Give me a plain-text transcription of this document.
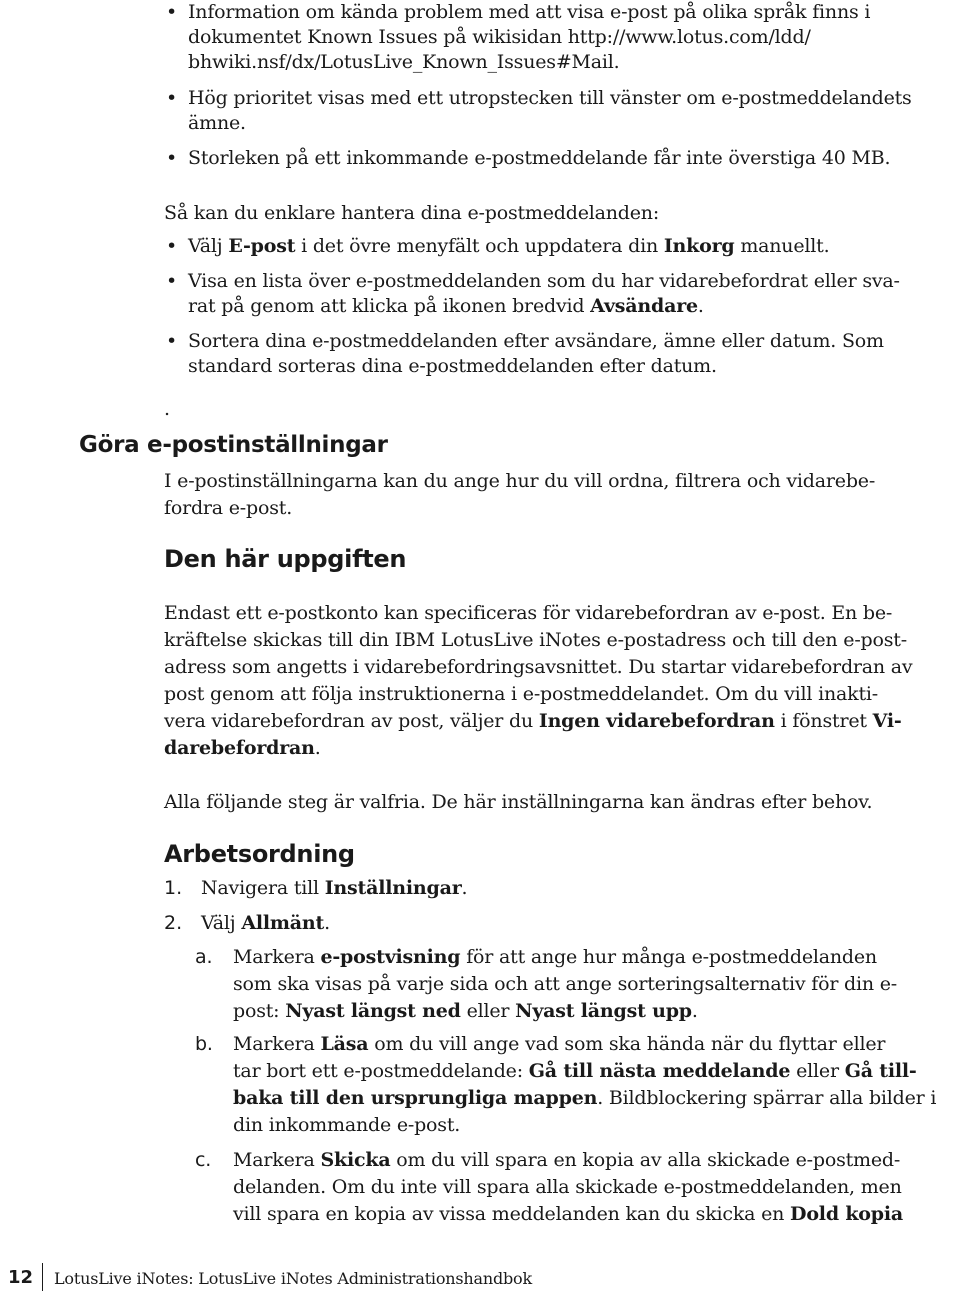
• Information om kända problem med att visa e-post på olika språk finns i
dokumentet Known Issues på wikisidan http://www.lotus.com/ldd/
bhwiki.nsf/dx/LotusLive_Known_Issues#Mail.
• Hög prioritet visas med ett utropstecken till vänster om e-postmeddelandets
ämne.
• Storleken på ett inkommande e-postmeddelande får inte överstiga 40 MB.
Så kan du enklare hantera dina e-postmeddelanden:
• Välj E-post i det övre menyfält och uppdatera din Inkorg manuellt.
• Visa en lista över e-postmeddelanden som du har vidarebefordrat eller sva-
rat på genom att klicka på ikonen bredvid Avsändare.
• Sortera dina e-postmeddelanden efter avsändare, ämne eller datum. Som
standard sorteras dina e-postmeddelanden efter datum.
.
Göra e-postinställningar
I e-postinställningarna kan du ange hur du vill ordna, filtrera och vidarebe-
fordra e-post.
Den här uppgiften
Endast ett e-postkonto kan specificeras för vidarebefordran av e-post. En be-
kräftelse skickas till din IBM LotusLive iNotes e-postadress och till den e-post-
adress som angetts i vidarebefordringsavsnittet. Du startar vidarebefordran av
post genom att följa instruktionerna i e-postmeddelandet. Om du vill inakti-
vera vidarebefordran av post, väljer du Ingen vidarebefordran i fönstret Vi-
darebefordran.
Alla följande steg är valfria. De här inställningarna kan ändras efter behov.
Arbetsordning
1. Navigera till Inställningar.
2. Välj Allmänt.
a. Markera e-postvisning för att ange hur många e-postmeddelanden
som ska visas på varje sida och att ange sorteringsalternativ för din e-
post: Nyast längst ned eller Nyast längst upp.
b. Markera Läsa om du vill ange vad som ska hända när du flyttar eller
tar bort ett e-postmeddelande: Gå till nästa meddelande eller Gå till-
baka till den ursprungliga mappen. Bildblockering spärrar alla bilder i
din inkommande e-post.
c. Markera Skicka om du vill spara en kopia av alla skickade e-postmed-
delanden. Om du inte vill spara alla skickade e-postmeddelanden, men
vill spara en kopia av vissa meddelanden kan du skicka en Dold kopia
12 LotusLive iNotes: LotusLive iNotes Administrationshandbok
